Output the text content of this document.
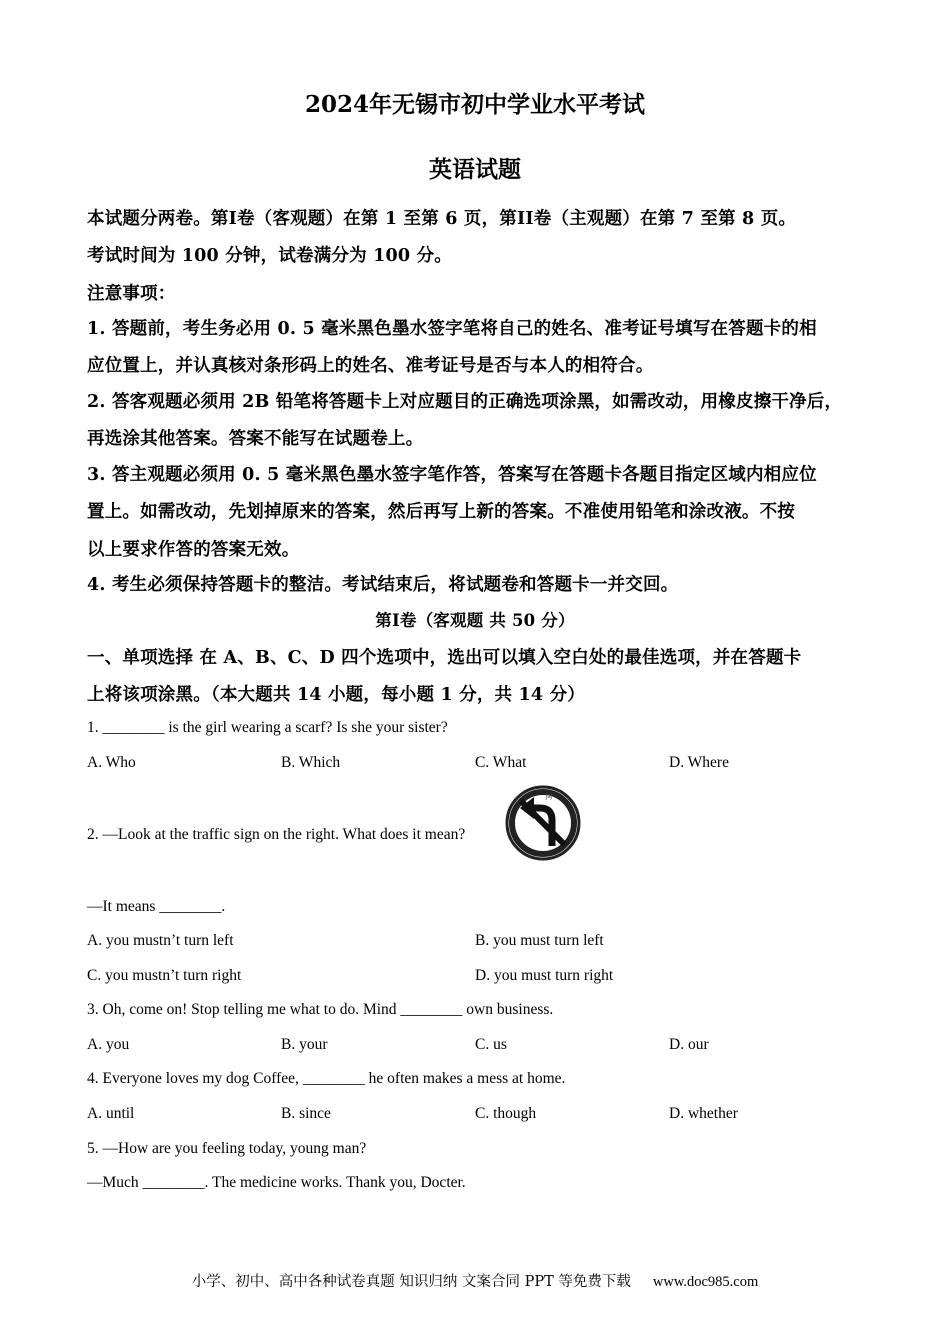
2024年无锡市初中学业水平考试
英语试题
本试题分两卷。第I卷（客观题）在第 1 至第 6 页，第II卷（主观题）在第 7 至第 8 页。
考试时间为 100 分钟，试卷满分为 100 分。
注意事项：
1. 答题前，考生务必用 0. 5 毫米黑色墨水签字笔将自己的姓名、准考证号填写在答题卡的相
应位置上，并认真核对条形码上的姓名、准考证号是否与本人的相符合。
2. 答客观题必须用 2B 铅笔将答题卡上对应题目的正确选项涂黑，如需改动，用橡皮擦干净后，
再选涂其他答案。答案不能写在试题卷上。
3. 答主观题必须用 0. 5 毫米黑色墨水签字笔作答，答案写在答题卡各题目指定区域内相应位
置上。如需改动，先划掉原来的答案，然后再写上新的答案。不准使用铅笔和涂改液。不按
以上要求作答的答案无效。
4. 考生必须保持答题卡的整洁。考试结束后，将试题卷和答题卡一并交回。
第I卷（客观题 共 50 分）
一、单项选择 在 A、B、C、D 四个选项中，选出可以填入空白处的最佳选项，并在答题卡
上将该项涂黑。（本大题共 14 小题，每小题 1 分，共 14 分）
1. ________ is the girl wearing a scarf? Is she your sister?
A. Who	B. Which	C. What	D. Where
2. —Look at the traffic sign on the right. What does it mean?
ʃaʃ
—It means ________.
A. you mustn’t turn left	B. you must turn left
C. you mustn’t turn right	D. you must turn right
3. Oh, come on! Stop telling me what to do. Mind ________ own business.
A. you	B. your	C. us	D. our
4. Everyone loves my dog Coffee, ________ he often makes a mess at home.
A. until	B. since	C. though	D. whether
5. —How are you feeling today, young man?
—Much ________. The medicine works. Thank you, Docter.
小学、初中、高中各种试卷真题 知识归纳 文案合同 PPT 等免费下载 www.doc985.com
